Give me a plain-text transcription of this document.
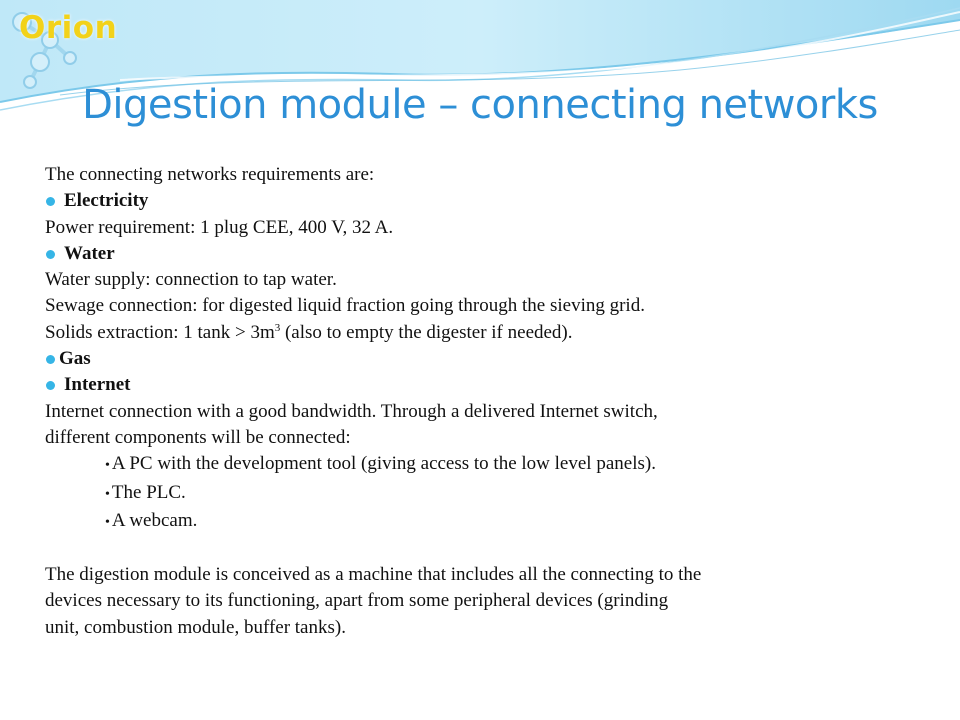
Orion
Digestion module – connecting networks
The connecting networks requirements are:
Electricity
Power requirement: 1 plug CEE, 400 V, 32 A.
Water
Water supply: connection to tap water.
Sewage connection: for digested liquid fraction going through the sieving grid.
Solids extraction: 1 $\tan k > 3m^3$ (also to empty the digester if needed).
Gas
Internet
Internet connection with a good bandwidth. Through a delivered Internet switch,
different components will be connected:
• A PC with the development tool (giving access to the low level panels).
• The PLC.
• A webcam.
The digestion module is conceived as a machine that includes all the connecting to the
devices necessary to its functioning, apart from some peripheral devices (grinding
unit, combustion module, buffer tanks).
